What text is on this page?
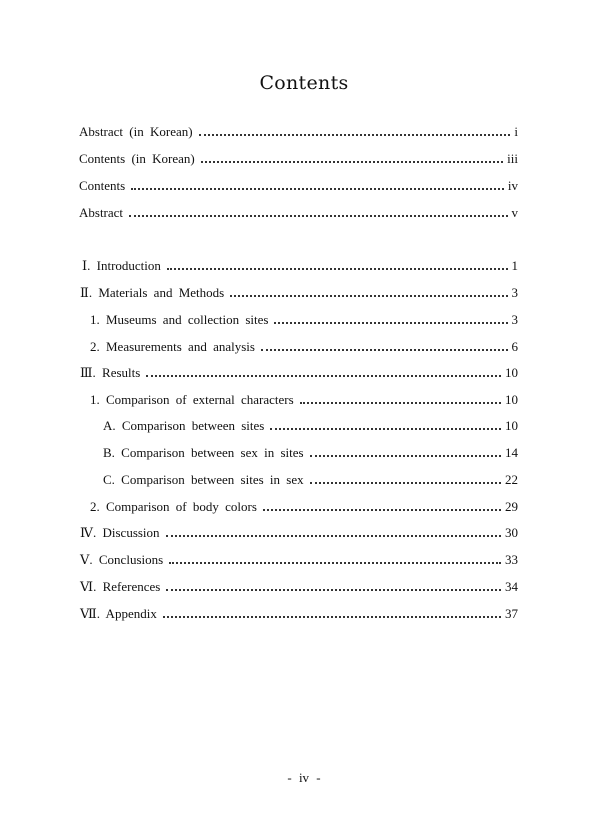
Contents
Abstract (in Korean)	i
Contents (in Korean)	iii
Contents	iv
Abstract	v
Ⅰ. Introduction	1
Ⅱ. Materials and Methods	3
1. Museums and collection sites	3
2. Measurements and analysis	6
Ⅲ. Results	10
1. Comparison of external characters	10
A. Comparison between sites	10
B. Comparison between sex in sites	14
C. Comparison between sites in sex	22
2. Comparison of body colors	29
Ⅳ. Discussion	30
Ⅴ. Conclusions	33
Ⅵ. References	34
Ⅶ. Appendix	37
- iv -
